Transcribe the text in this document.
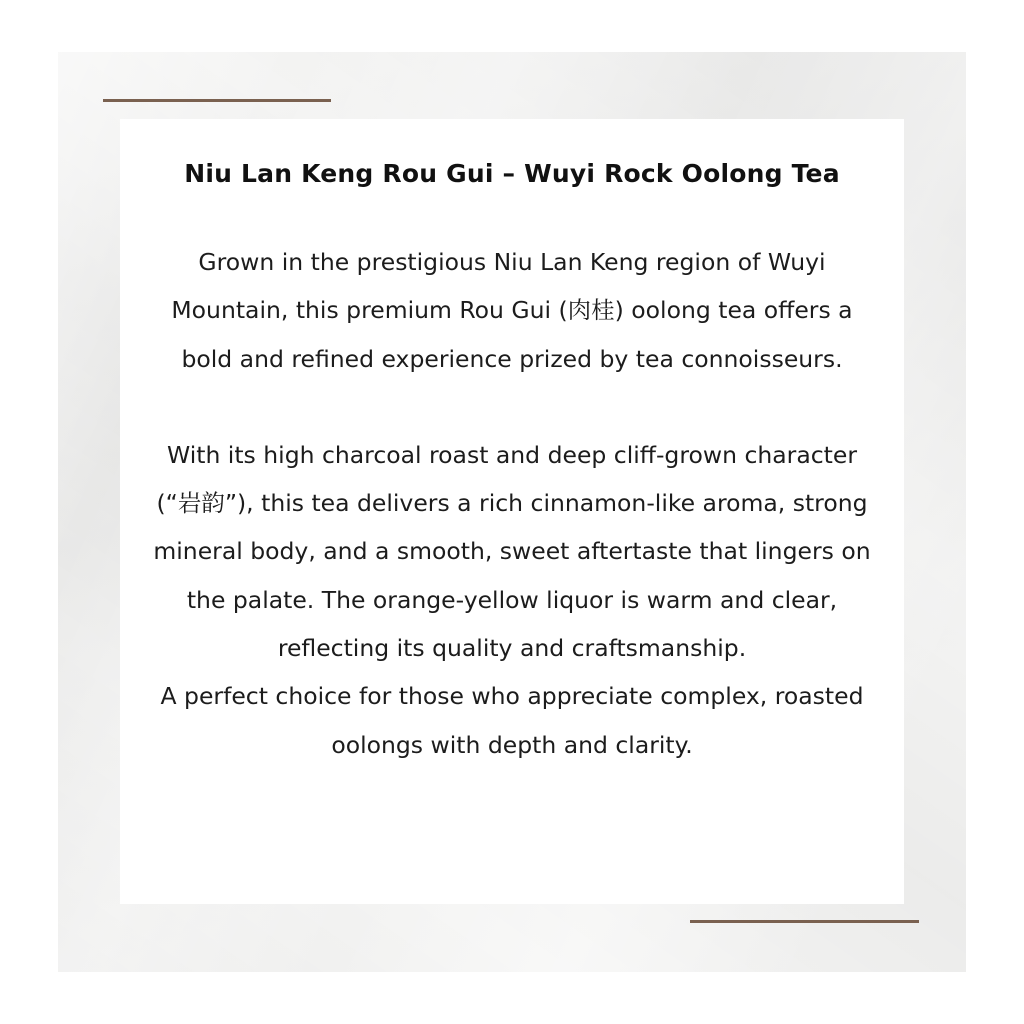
Niu Lan Keng Rou Gui – Wuyi Rock Oolong Tea

Grown in the prestigious Niu Lan Keng region of Wuyi Mountain, this premium Rou Gui (肉桂) oolong tea offers a bold and refined experience prized by tea connoisseurs.

With its high charcoal roast and deep cliff-grown character (“岩韵”), this tea delivers a rich cinnamon-like aroma, strong mineral body, and a smooth, sweet aftertaste that lingers on the palate. The orange-yellow liquor is warm and clear, reflecting its quality and craftsmanship.

A perfect choice for those who appreciate complex, roasted oolongs with depth and clarity.
